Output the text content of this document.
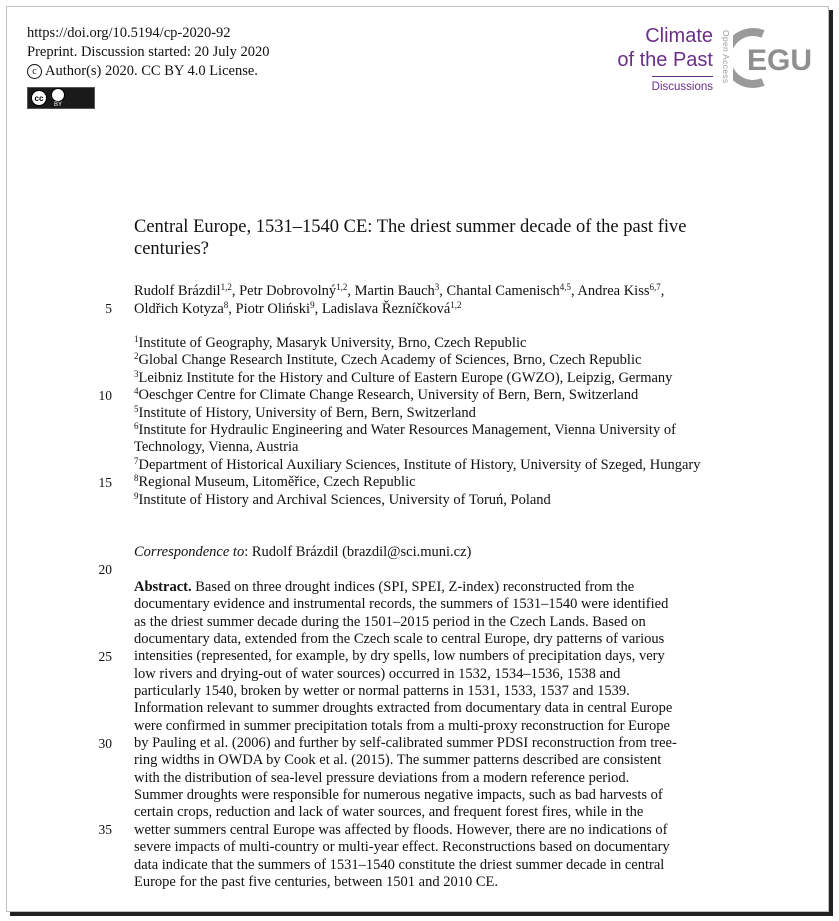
https://doi.org/10.5194/cp-2020-92
Preprint. Discussion started: 20 July 2020
c Author(s) 2020. CC BY 4.0 License.
cc
BY
Climate
of the Past
Discussions
Open Access EGU
Central Europe, 1531–1540 CE: The driest summer decade of the past five centuries?
Rudolf Brázdil$^{1,2}$, Petr Dobrovolný$^{1,2}$, Martin Bauch$^3$, Chantal Camenisch$^{4,5}$, Andrea Kiss$^{6,7}$,
Oldřich Kotyza$^8$, Piotr Oliński$^9$, Ladislava Řezníčková$^{1,2}$
$^1$Institute of Geography, Masaryk University, Brno, Czech Republic
$^2$Global Change Research Institute, Czech Academy of Sciences, Brno, Czech Republic
$^3$Leibniz Institute for the History and Culture of Eastern Europe (GWZO), Leipzig, Germany
$^4$Oeschger Centre for Climate Change Research, University of Bern, Bern, Switzerland
$^5$Institute of History, University of Bern, Bern, Switzerland
$^6$Institute for Hydraulic Engineering and Water Resources Management, Vienna University of Technology, Vienna, Austria
$^7$Department of Historical Auxiliary Sciences, Institute of History, University of Szeged, Hungary
$^8$Regional Museum, Litoměřice, Czech Republic
$^9$Institute of History and Archival Sciences, University of Toruń, Poland
Correspondence to: Rudolf Brázdil (brazdil@sci.muni.cz)
Abstract. Based on three drought indices (SPI, SPEI, Z-index) reconstructed from the
documentary evidence and instrumental records, the summers of 1531–1540 were identified
as the driest summer decade during the 1501–2015 period in the Czech Lands. Based on
documentary data, extended from the Czech scale to central Europe, dry patterns of various
intensities (represented, for example, by dry spells, low numbers of precipitation days, very
low rivers and drying-out of water sources) occurred in 1532, 1534–1536, 1538 and
particularly 1540, broken by wetter or normal patterns in 1531, 1533, 1537 and 1539.
Information relevant to summer droughts extracted from documentary data in central Europe
were confirmed in summer precipitation totals from a multi-proxy reconstruction for Europe
by Pauling et al. (2006) and further by self-calibrated summer PDSI reconstruction from tree-
ring widths in OWDA by Cook et al. (2015). The summer patterns described are consistent
with the distribution of sea-level pressure deviations from a modern reference period.
Summer droughts were responsible for numerous negative impacts, such as bad harvests of
certain crops, reduction and lack of water sources, and frequent forest fires, while in the
wetter summers central Europe was affected by floods. However, there are no indications of
severe impacts of multi-country or multi-year effect. Reconstructions based on documentary
data indicate that the summers of 1531–1540 constitute the driest summer decade in central
Europe for the past five centuries, between 1501 and 2010 CE.
5
10
15
20
25
30
35
